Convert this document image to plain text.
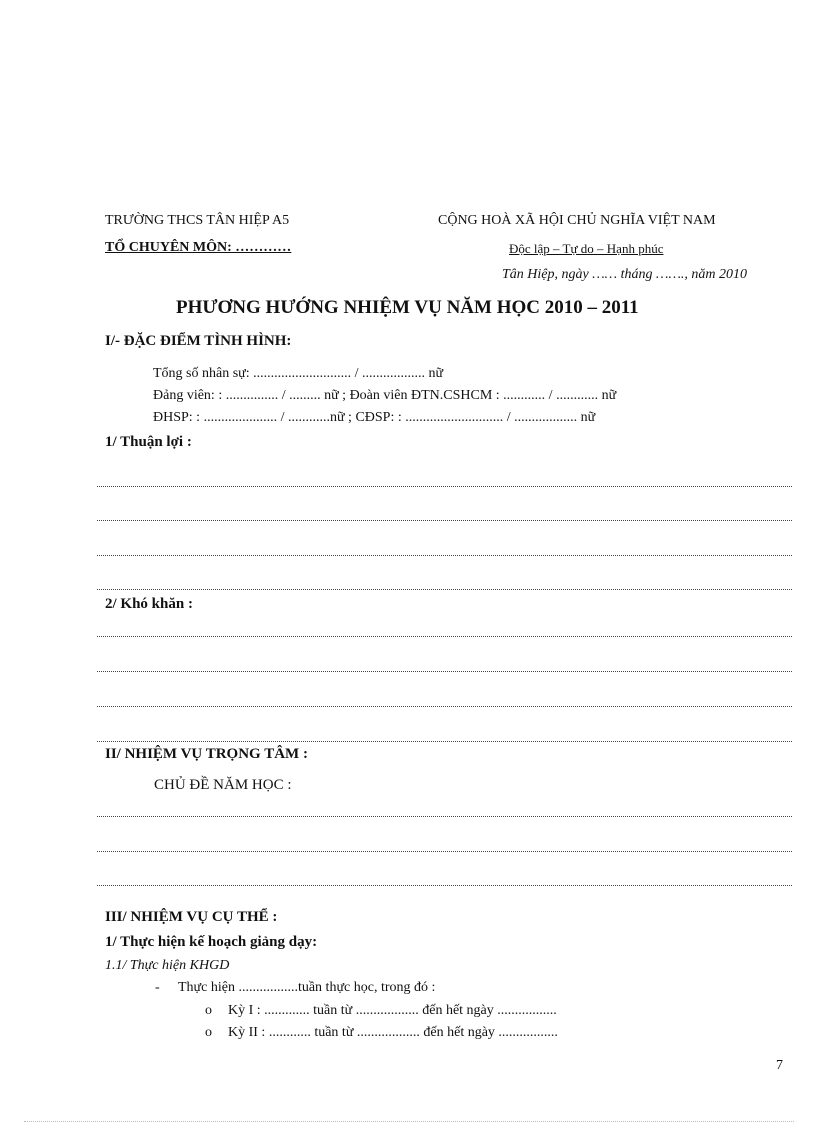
TRƯỜNG THCS TÂN HIỆP A5	CỘNG HOÀ XÃ HỘI CHỦ NGHĨA VIỆT NAM
TỔ CHUYÊN MÔN: …………	Độc lập – Tự do – Hạnh phúc
Tân Hiệp, ngày …… tháng ……., năm 2010
PHƯƠNG HƯỚNG NHIỆM VỤ NĂM HỌC 2010 – 2011
I/- ĐẶC ĐIỂM TÌNH HÌNH:
Tổng số nhân sự: ............................ / .................. nữ
Đảng viên: : ............... / ......... nữ ; Đoàn viên ĐTN.CSHCM : ............ / ............ nữ
ĐHSP: : ..................... / ............nữ ; CĐSP: : ............................ / .................. nữ
1/ Thuận lợi :
2/ Khó khăn :
II/ NHIỆM VỤ TRỌNG TÂM :
CHỦ ĐỀ NĂM HỌC :
III/ NHIỆM VỤ CỤ THỂ :
1/ Thực hiện kế hoạch giảng dạy:
1.1/ Thực hiện KHGD
- Thực hiện .................tuần thực học, trong đó :
o Kỳ I : ............. tuần từ .................. đến hết ngày .................
o Kỳ II : ............ tuần từ .................. đến hết ngày .................
7
